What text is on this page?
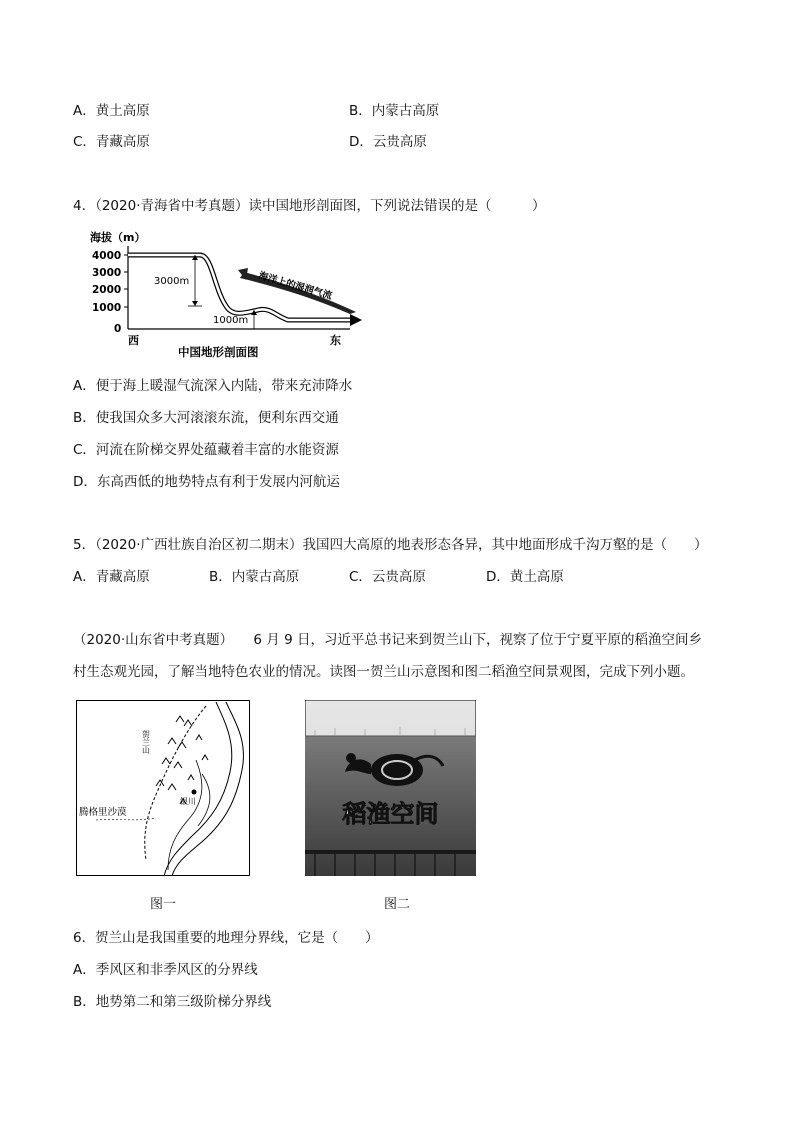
A．黄土高原	B．内蒙古高原
C．青藏高原	D．云贵高原
4．（2020·青海省中考真题）读中国地形剖面图，下列说法错误的是（　　　）
海拔（m）
4000
3000
2000
1000
0
3000m
1000m
海洋上的湿润气流
西	东
中国地形剖面图
A．便于海上暖湿气流深入内陆，带来充沛降水
B．使我国众多大河滚滚东流，便利东西交通
C．河流在阶梯交界处蕴藏着丰富的水能资源
D．东高西低的地势特点有利于发展内河航运
5．（2020·广西壮族自治区初二期末）我国四大高原的地表形态各异，其中地面形成千沟万壑的是（　　）
A．青藏高原	B．内蒙古高原	C．云贵高原	D．黄土高原
（2020·山东省中考真题）　　6 月 9 日，习近平总书记来到贺兰山下，视察了位于宁夏平原的稻渔空间乡
村生态观光园，了解当地特色农业的情况。读图一贺兰山示意图和图二稻渔空间景观图，完成下列小题。
银川
贺兰山
腾格里沙漠	稻渔空间
图一	图二
6．贺兰山是我国重要的地理分界线，它是（　　）
A．季风区和非季风区的分界线
B．地势第二和第三级阶梯分界线
